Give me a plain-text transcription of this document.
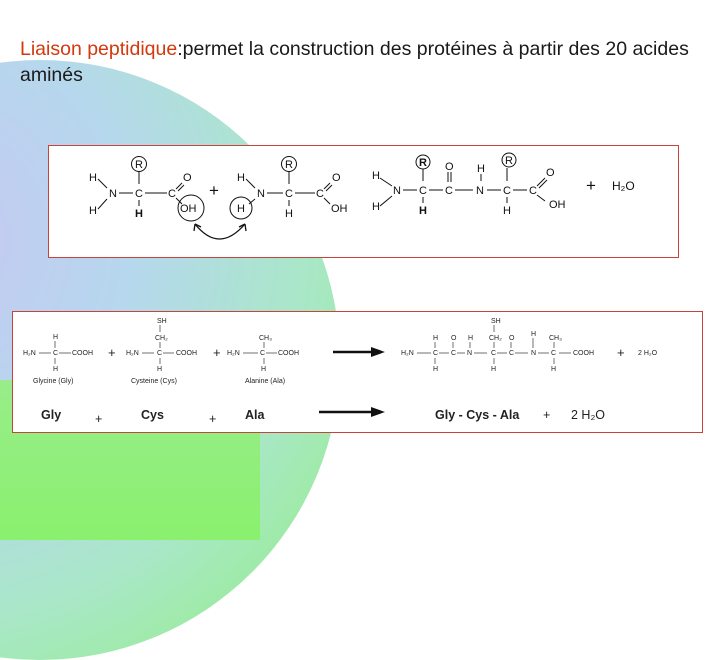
Liaison peptidique:permet la construction des protéines à partir des 20 acides aminés
H
H
N C
R
H
C
O
OH
+
H
N
H
C
R
H
C
O
OH
H
H
N C
R
H
C
O H
N C
R
H
C
O
OH
+ H₂O
H
H₂N C COOH
H
Glycine (Gly)
+
SH
CH₂
H₂N	C COOH
H
Cysteine (Cys)
+
CH₃
H₂N	C COOH
H
Alanine (Ala)
H₂N
H
C
H
O
C
H
N
SH
CH₂
C
H
O
C
H
N
CH₃
C
H
COOH + 2 H₂O
Gly	+	Cys	+ Ala	Gly - Cys - Ala + 2 H₂O
